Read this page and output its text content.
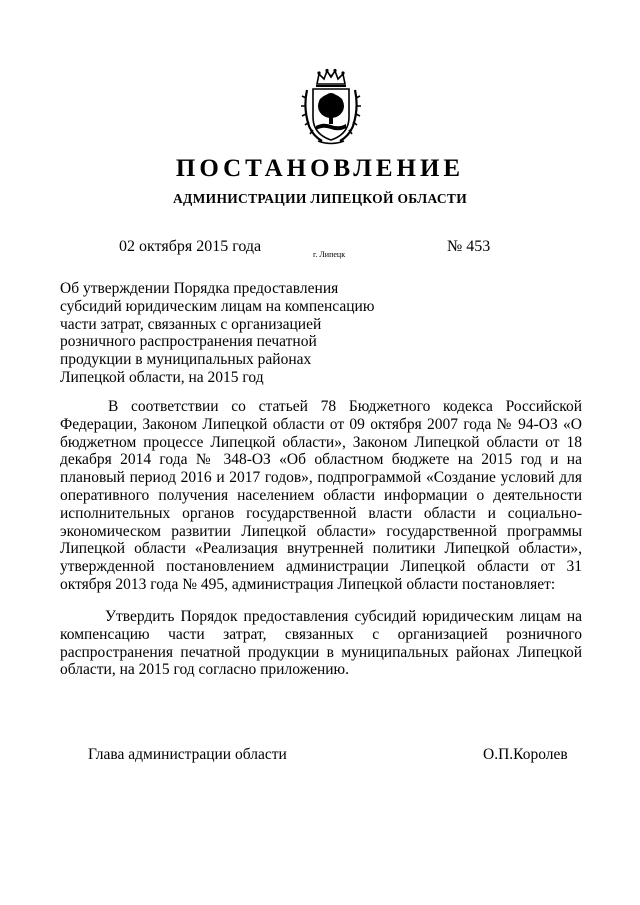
ПОСТАНОВЛЕНИЕ
АДМИНИСТРАЦИИ ЛИПЕЦКОЙ ОБЛАСТИ
02 октября 2015 года	г. Липецк	№ 453
Об утверждении Порядка предоставления
субсидий юридическим лицам на компенсацию
части затрат, связанных с организацией
розничного распространения печатной
продукции в муниципальных районах
Липецкой области, на 2015 год
В соответствии со статьей 78 Бюджетного кодекса Российской Федерации, Законом Липецкой области от 09 октября 2007 года № 94-ОЗ «О бюджетном процессе Липецкой области», Законом Липецкой области от 18 декабря 2014 года № 348-ОЗ «Об областном бюджете на 2015 год и на плановый период 2016 и 2017 годов», подпрограммой «Создание условий для оперативного получения населением области информации о деятельности исполнительных органов государственной власти области и социально-экономическом развитии Липецкой области» государственной программы Липецкой области «Реализация внутренней политики Липецкой области», утвержденной постановлением администрации Липецкой области от 31 октября 2013 года № 495, администрация Липецкой области постановляет:
Утвердить Порядок предоставления субсидий юридическим лицам на компенсацию части затрат, связанных с организацией розничного распространения печатной продукции в муниципальных районах Липецкой области, на 2015 год согласно приложению.
Глава администрации области	О.П.Королев
